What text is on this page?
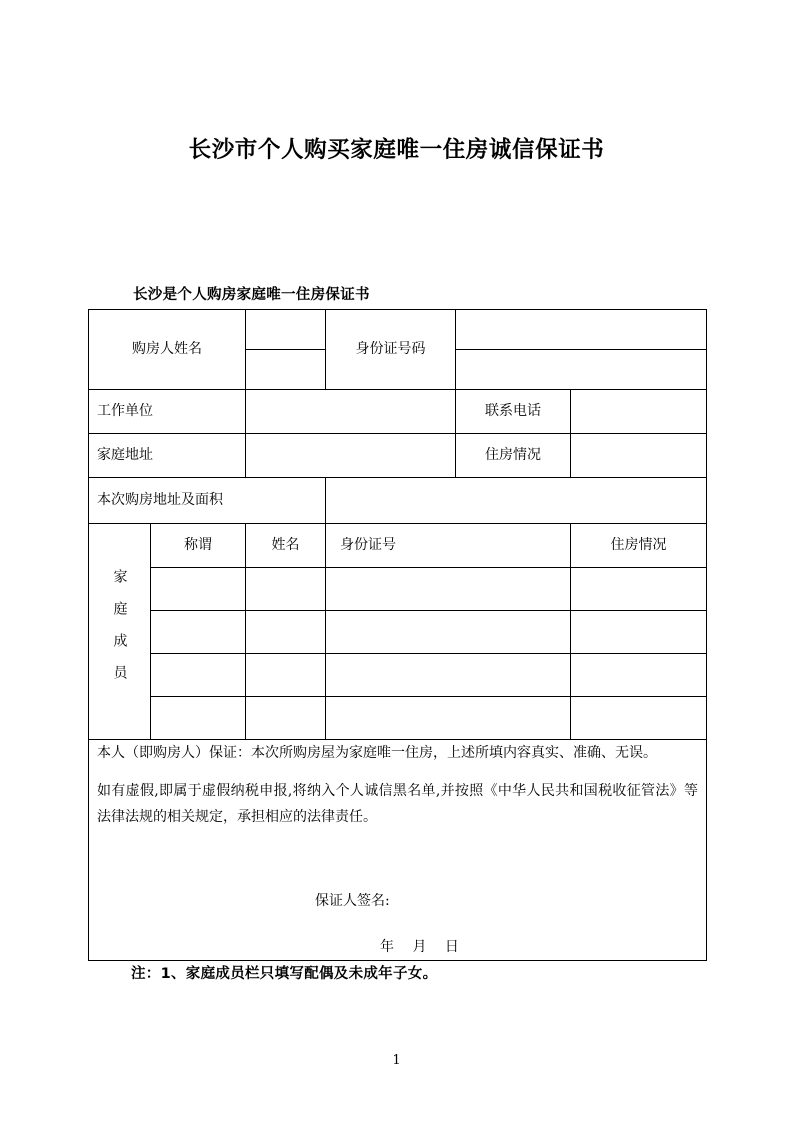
长沙市个人购买家庭唯一住房诚信保证书
长沙是个人购房家庭唯一住房保证书
购房人姓名			身份证号码		

工作单位				联系电话	
家庭地址				住房情况	
本次购房地址及面积					
家庭成员	称谓	姓名	身份证号		住房情况

本人（即购房人）保证：本次所购房屋为家庭唯一住房，上述所填内容真实、准确、无误。

如有虚假,即属于虚假纳税申报,将纳入个人诚信黑名单,并按照《中华人民共和国税收征管法》等法律法规的相关规定，承担相应的法律责任。

保证人签名:

年 月 日					

注：1、家庭成员栏只填写配偶及未成年子女。
1
